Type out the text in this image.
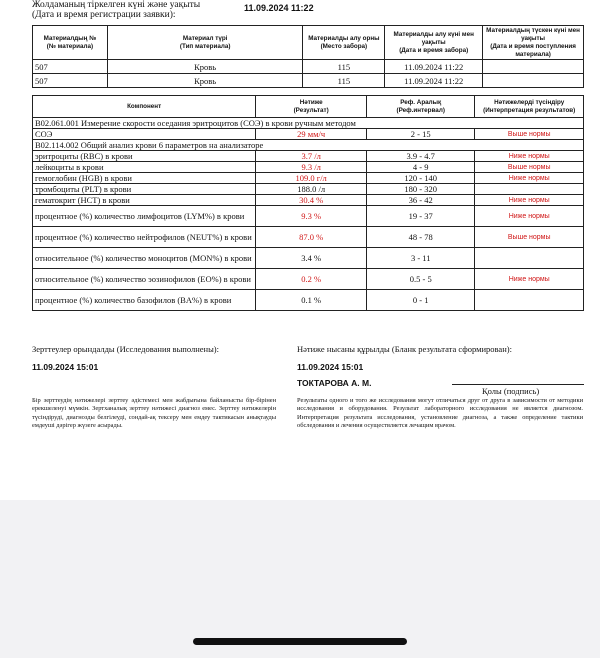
Жолдаманың тіркелген күні және уақыты
(Дата и время регистрации заявки):
11.09.2024 11:22
Материалдың №
(№ материала)	Материал түрі
(Тип материала)	Материалды алу орны
(Место забора)	Материалды алу күні мен уақыты
(Дата и время забора)	Материалдың түскен күні мен уақыты
(Дата и время поступления материала)
507	Кровь	115	11.09.2024 11:22	
507	Кровь	115	11.09.2024 11:22	
Компонент	Нәтиже
(Результат)	Реф. Аралық
(Реф.интервал)	Нәтижелерді түсіндіру
(Интерпретация результатов)
B02.061.001 Измерение скорости оседания эритроцитов (СОЭ) в крови ручным методом			
СОЭ	29 мм/ч	2 - 15	Выше нормы
B02.114.002 Общий анализ крови 6 параметров на анализаторе			
эритроциты (RBC) в крови	3.7 /л	3.9 - 4.7	Ниже нормы
лейкоциты в крови	9.3 /л	4 - 9	Выше нормы
гемоглобин (HGB) в крови	109.0 г/л	120 - 140	Ниже нормы
тромбоциты (PLT) в крови	188.0 /л	180 - 320	
гематокрит (HCT) в крови	30.4 %	36 - 42	Ниже нормы
процентное (%) количество лимфоцитов (LYM%) в крови	9.3 %	19 - 37	Ниже нормы
процентное (%) количество нейтрофилов (NEUT%) в крови	87.0 %	48 - 78	Выше нормы
относительное (%) количество моноцитов (MON%) в крови	3.4 %	3 - 11	
относительное (%) количество эозинофилов (EO%) в крови	0.2 %	0.5 - 5	Ниже нормы
процентное (%) количество базофилов (BA%) в крови	0.1 %	0 - 1	
Зерттеулер орындалды (Исследования выполнены):
11.09.2024 15:01
Нәтиже нысаны құрылды (Бланк результата сформирован):
11.09.2024 15:01
ТОКТАРОВА А. М.
Қолы (подпись)
Бір зерттеудің нәтижелері зерттеу әдістемесі мен жабдығына байланысты бір-бірінен ерекшеленуі мүмкін. Зертханалық зерттеу нәтижесі диагноз емес. Зерттеу нәтижелерін түсіндіруді, диагнозды белгілеуді, сондай-ақ тексеру мен емдеу тактикасын анықтауды емдеуші дәрігер жүзеге асырады.
Результаты одного и того же исследования могут отличаться друг от друга в зависимости от методики исследования и оборудования. Результат лабораторного исследования не является диагнозом. Интерпретация результата исследования, установление диагноза, а также определение тактики обследования и лечения осуществляется лечащим врачом.
